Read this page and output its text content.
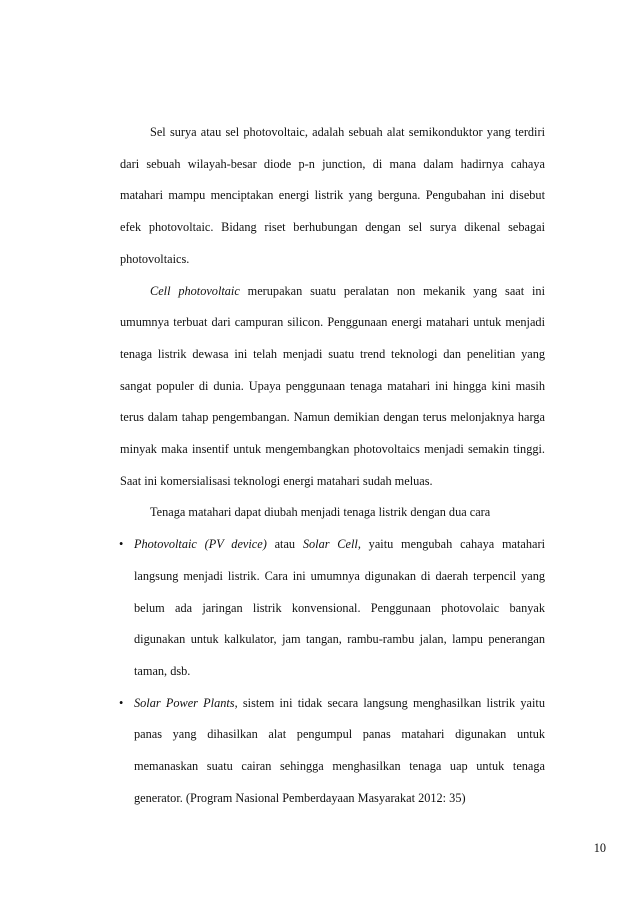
Sel surya atau sel photovoltaic, adalah sebuah alat semikonduktor yang terdiri dari sebuah wilayah-besar diode p-n junction, di mana dalam hadirnya cahaya matahari mampu menciptakan energi listrik yang berguna. Pengubahan ini disebut efek photovoltaic. Bidang riset berhubungan dengan sel surya dikenal sebagai photovoltaics.

Cell photovoltaic merupakan suatu peralatan non mekanik yang saat ini umumnya terbuat dari campuran silicon. Penggunaan energi matahari untuk menjadi tenaga listrik dewasa ini telah menjadi suatu trend teknologi dan penelitian yang sangat populer di dunia. Upaya penggunaan tenaga matahari ini hingga kini masih terus dalam tahap pengembangan. Namun demikian dengan terus melonjaknya harga minyak maka insentif untuk mengembangkan photovoltaics menjadi semakin tinggi. Saat ini komersialisasi teknologi energi matahari sudah meluas.

Tenaga matahari dapat diubah menjadi tenaga listrik dengan dua cara

• Photovoltaic (PV device) atau Solar Cell, yaitu mengubah cahaya matahari langsung menjadi listrik. Cara ini umumnya digunakan di daerah terpencil yang belum ada jaringan listrik konvensional. Penggunaan photovolaic banyak digunakan untuk kalkulator, jam tangan, rambu-rambu jalan, lampu penerangan taman, dsb.
• Solar Power Plants, sistem ini tidak secara langsung menghasilkan listrik yaitu panas yang dihasilkan alat pengumpul panas matahari digunakan untuk memanaskan suatu cairan sehingga menghasilkan tenaga uap untuk tenaga generator. (Program Nasional Pemberdayaan Masyarakat 2012: 35)
10
